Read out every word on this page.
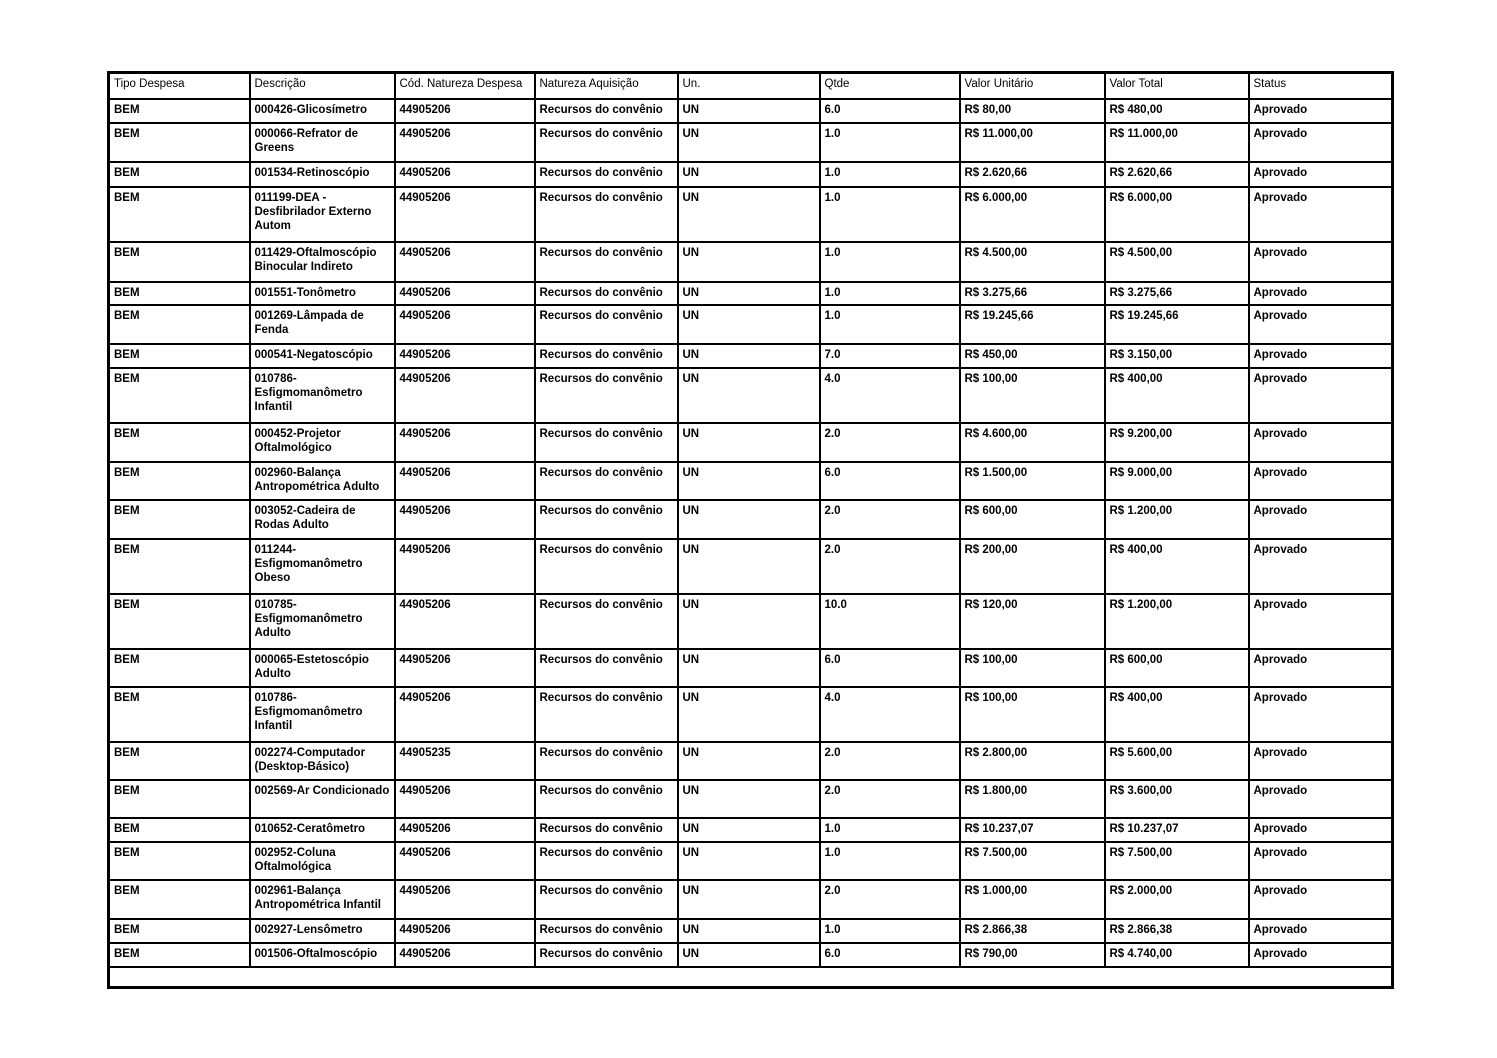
Tipo Despesa	Descrição	Cód. Natureza Despesa	Natureza Aquisição	Un.	Qtde	Valor Unitário	Valor Total	Status
BEM	000426-Glicosímetro	44905206	Recursos do convênio	UN	6.0	R$ 80,00	R$ 480,00	Aprovado
BEM	000066-Refrator de Greens	44905206	Recursos do convênio	UN	1.0	R$ 11.000,00	R$ 11.000,00	Aprovado
BEM	001534-Retinoscópio	44905206	Recursos do convênio	UN	1.0	R$ 2.620,66	R$ 2.620,66	Aprovado
BEM	011199-DEA - Desfibrilador Externo Autom	44905206	Recursos do convênio	UN	1.0	R$ 6.000,00	R$ 6.000,00	Aprovado
BEM	011429-Oftalmoscópio Binocular Indireto	44905206	Recursos do convênio	UN	1.0	R$ 4.500,00	R$ 4.500,00	Aprovado
BEM	001551-Tonômetro	44905206	Recursos do convênio	UN	1.0	R$ 3.275,66	R$ 3.275,66	Aprovado
BEM	001269-Lâmpada de Fenda	44905206	Recursos do convênio	UN	1.0	R$ 19.245,66	R$ 19.245,66	Aprovado
BEM	000541-Negatoscópio	44905206	Recursos do convênio	UN	7.0	R$ 450,00	R$ 3.150,00	Aprovado
BEM	010786-Esfigmomanômetro Infantil	44905206	Recursos do convênio	UN	4.0	R$ 100,00	R$ 400,00	Aprovado
BEM	000452-Projetor Oftalmológico	44905206	Recursos do convênio	UN	2.0	R$ 4.600,00	R$ 9.200,00	Aprovado
BEM	002960-Balança Antropométrica Adulto	44905206	Recursos do convênio	UN	6.0	R$ 1.500,00	R$ 9.000,00	Aprovado
BEM	003052-Cadeira de Rodas Adulto	44905206	Recursos do convênio	UN	2.0	R$ 600,00	R$ 1.200,00	Aprovado
BEM	011244-Esfigmomanômetro Obeso	44905206	Recursos do convênio	UN	2.0	R$ 200,00	R$ 400,00	Aprovado
BEM	010785-Esfigmomanômetro Adulto	44905206	Recursos do convênio	UN	10.0	R$ 120,00	R$ 1.200,00	Aprovado
BEM	000065-Estetoscópio Adulto	44905206	Recursos do convênio	UN	6.0	R$ 100,00	R$ 600,00	Aprovado
BEM	010786-Esfigmomanômetro Infantil	44905206	Recursos do convênio	UN	4.0	R$ 100,00	R$ 400,00	Aprovado
BEM	002274-Computador (Desktop-Básico)	44905235	Recursos do convênio	UN	2.0	R$ 2.800,00	R$ 5.600,00	Aprovado
BEM	002569-Ar Condicionado	44905206	Recursos do convênio	UN	2.0	R$ 1.800,00	R$ 3.600,00	Aprovado
BEM	010652-Ceratômetro	44905206	Recursos do convênio	UN	1.0	R$ 10.237,07	R$ 10.237,07	Aprovado
BEM	002952-Coluna Oftalmológica	44905206	Recursos do convênio	UN	1.0	R$ 7.500,00	R$ 7.500,00	Aprovado
BEM	002961-Balança Antropométrica Infantil	44905206	Recursos do convênio	UN	2.0	R$ 1.000,00	R$ 2.000,00	Aprovado
BEM	002927-Lensômetro	44905206	Recursos do convênio	UN	1.0	R$ 2.866,38	R$ 2.866,38	Aprovado
BEM	001506-Oftalmoscópio	44905206	Recursos do convênio	UN	6.0	R$ 790,00	R$ 4.740,00	Aprovado
